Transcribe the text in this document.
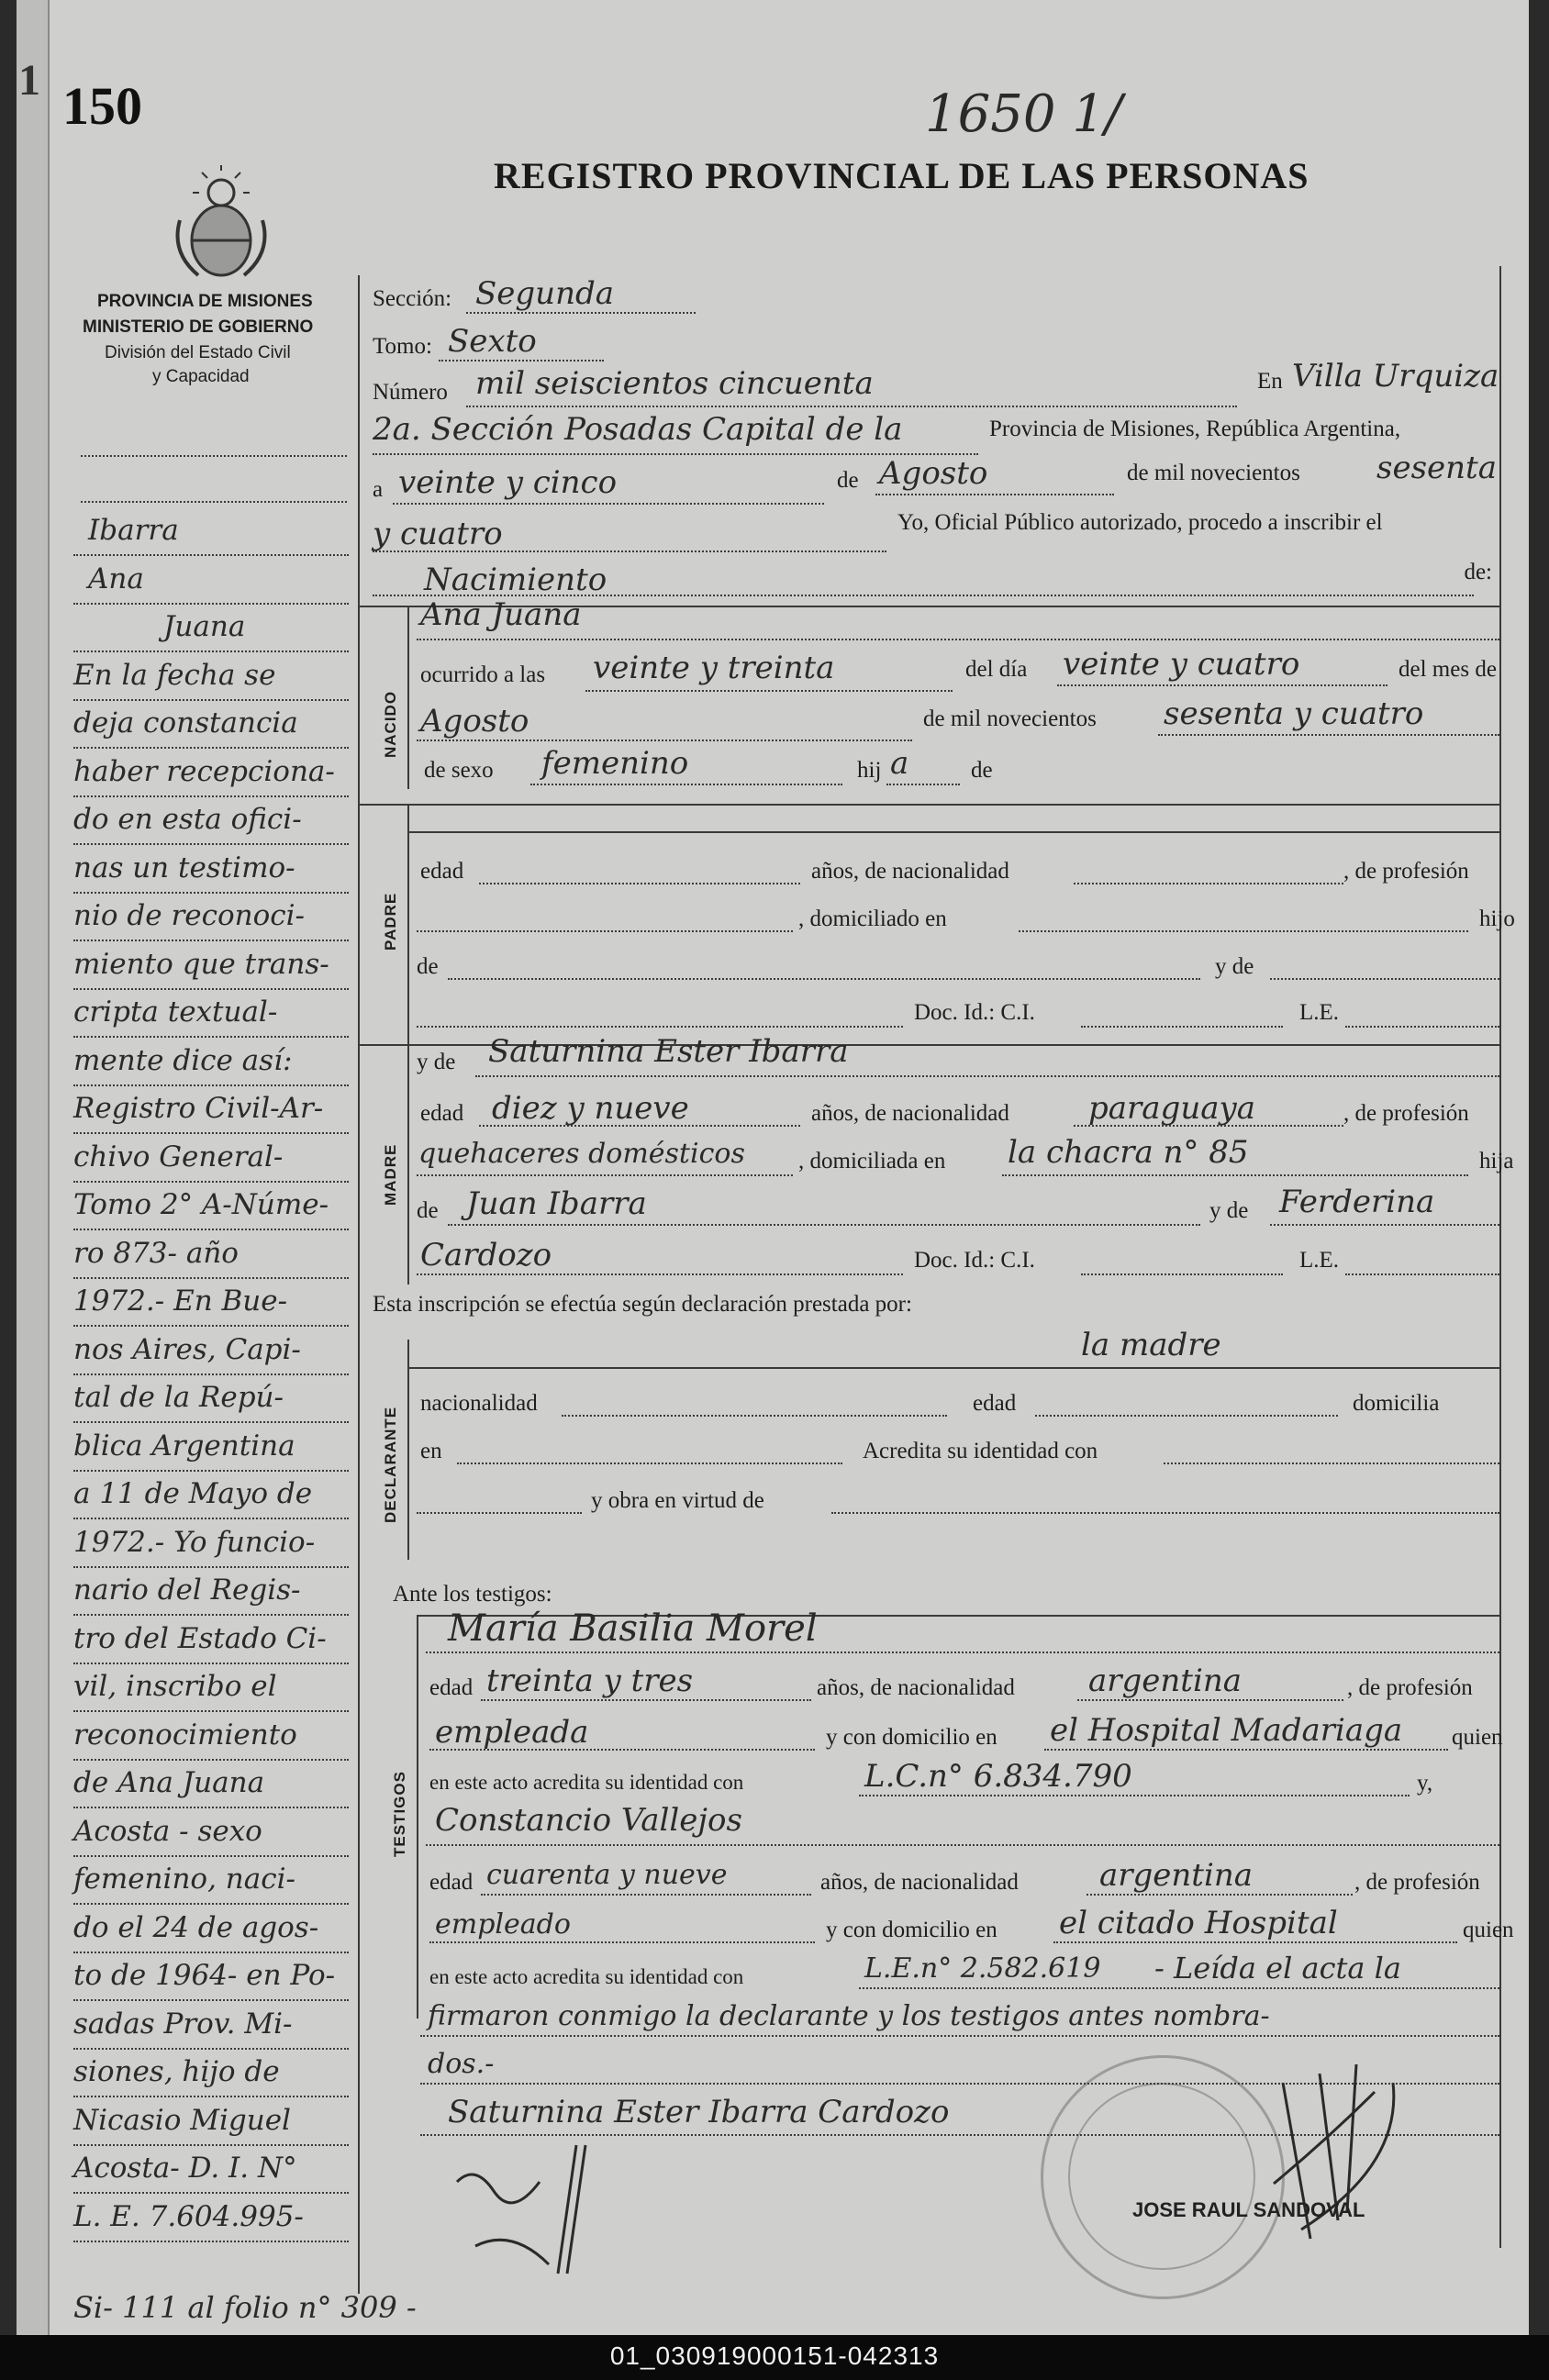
1 150	1650 1/
REGISTRO PROVINCIAL DE LAS PERSONAS
PROVINCIA DE MISIONES
MINISTERIO DE GOBIERNO
División del Estado Civil
y Capacidad
Ibarra
Ana
Juana
En la fecha se
deja constancia
haber recepciona-
do en esta ofici-
nas un testimo-
nio de reconoci-
miento que trans-
cripta textual-
mente dice así:
Registro Civil-Ar-
chivo General-
Tomo 2° A-Núme-
ro 873- año
1972.- En Bue-
nos Aires, Capi-
tal de la Repú-
blica Argentina
a 11 de Mayo de
1972.- Yo funcio-
nario del Regis-
tro del Estado Ci-
vil, inscribo el
reconocimiento
de Ana Juana
Acosta - sexo
femenino, naci-
do el 24 de agos-
to de 1964- en Po-
sadas Prov. Mi-
siones, hijo de
Nicasio Miguel
Acosta- D. I. N°
L. E. 7.604.995-
Si- 111 al folio n° 309 -
Sección: Segunda
Tomo: Sexto
Número mil seiscientos cincuenta	En Villa Urquiza
2a. Sección Posadas Capital de la	Provincia de Misiones, República Argentina,
a veinte y cinco	de Agosto	de mil novecientos sesenta
y cuatro	Yo, Oficial Público autorizado, procedo a inscribir el
Nacimiento	de:
NACIDO
Ana Juana
ocurrido a las veinte y treinta	del día veinte y cuatro	del mes de
Agosto	de mil novecientos sesenta y cuatro
de sexo femenino	hij a	de
PADRE
edad	años, de nacionalidad	, de profesión
, domiciliado en	hijo
de	y de
Doc. Id.: C.I.	L.E.
MADRE
y de Saturnina Ester Ibarra
edad diez y nueve	años, de nacionalidad	paraguaya	, de profesión
quehaceres domésticos , domiciliada en la chacra n° 85	hija
de Juan Ibarra	y de Ferderina
Cardozo	Doc. Id.: C.I.	L.E.
Esta inscripción se efectúa según declaración prestada por:
la madre
DECLARANTE
nacionalidad	edad	domicilia
en	Acredita su identidad con
y obra en virtud de
Ante los testigos:
TESTIGOS
María Basilia Morel
edad treinta y tres	años, de nacionalidad argentina	, de profesión
empleada	y con domicilio en el Hospital Madariaga quien
en este acto acredita su identidad con	L.C.n° 6.834.790	y,
Constancio Vallejos
edad cuarenta y nueve	años, de nacionalidad	argentina	, de profesión
empleado	y con domicilio en el citado Hospital	quien
en este acto acredita su identidad con	L.E.n° 2.582.619 - Leída el acta la
firmaron conmigo la declarante y los testigos antes nombra-
dos.-
Saturnina Ester Ibarra Cardozo
JOSE RAUL SANDOVAL
01_030919000151-042313
